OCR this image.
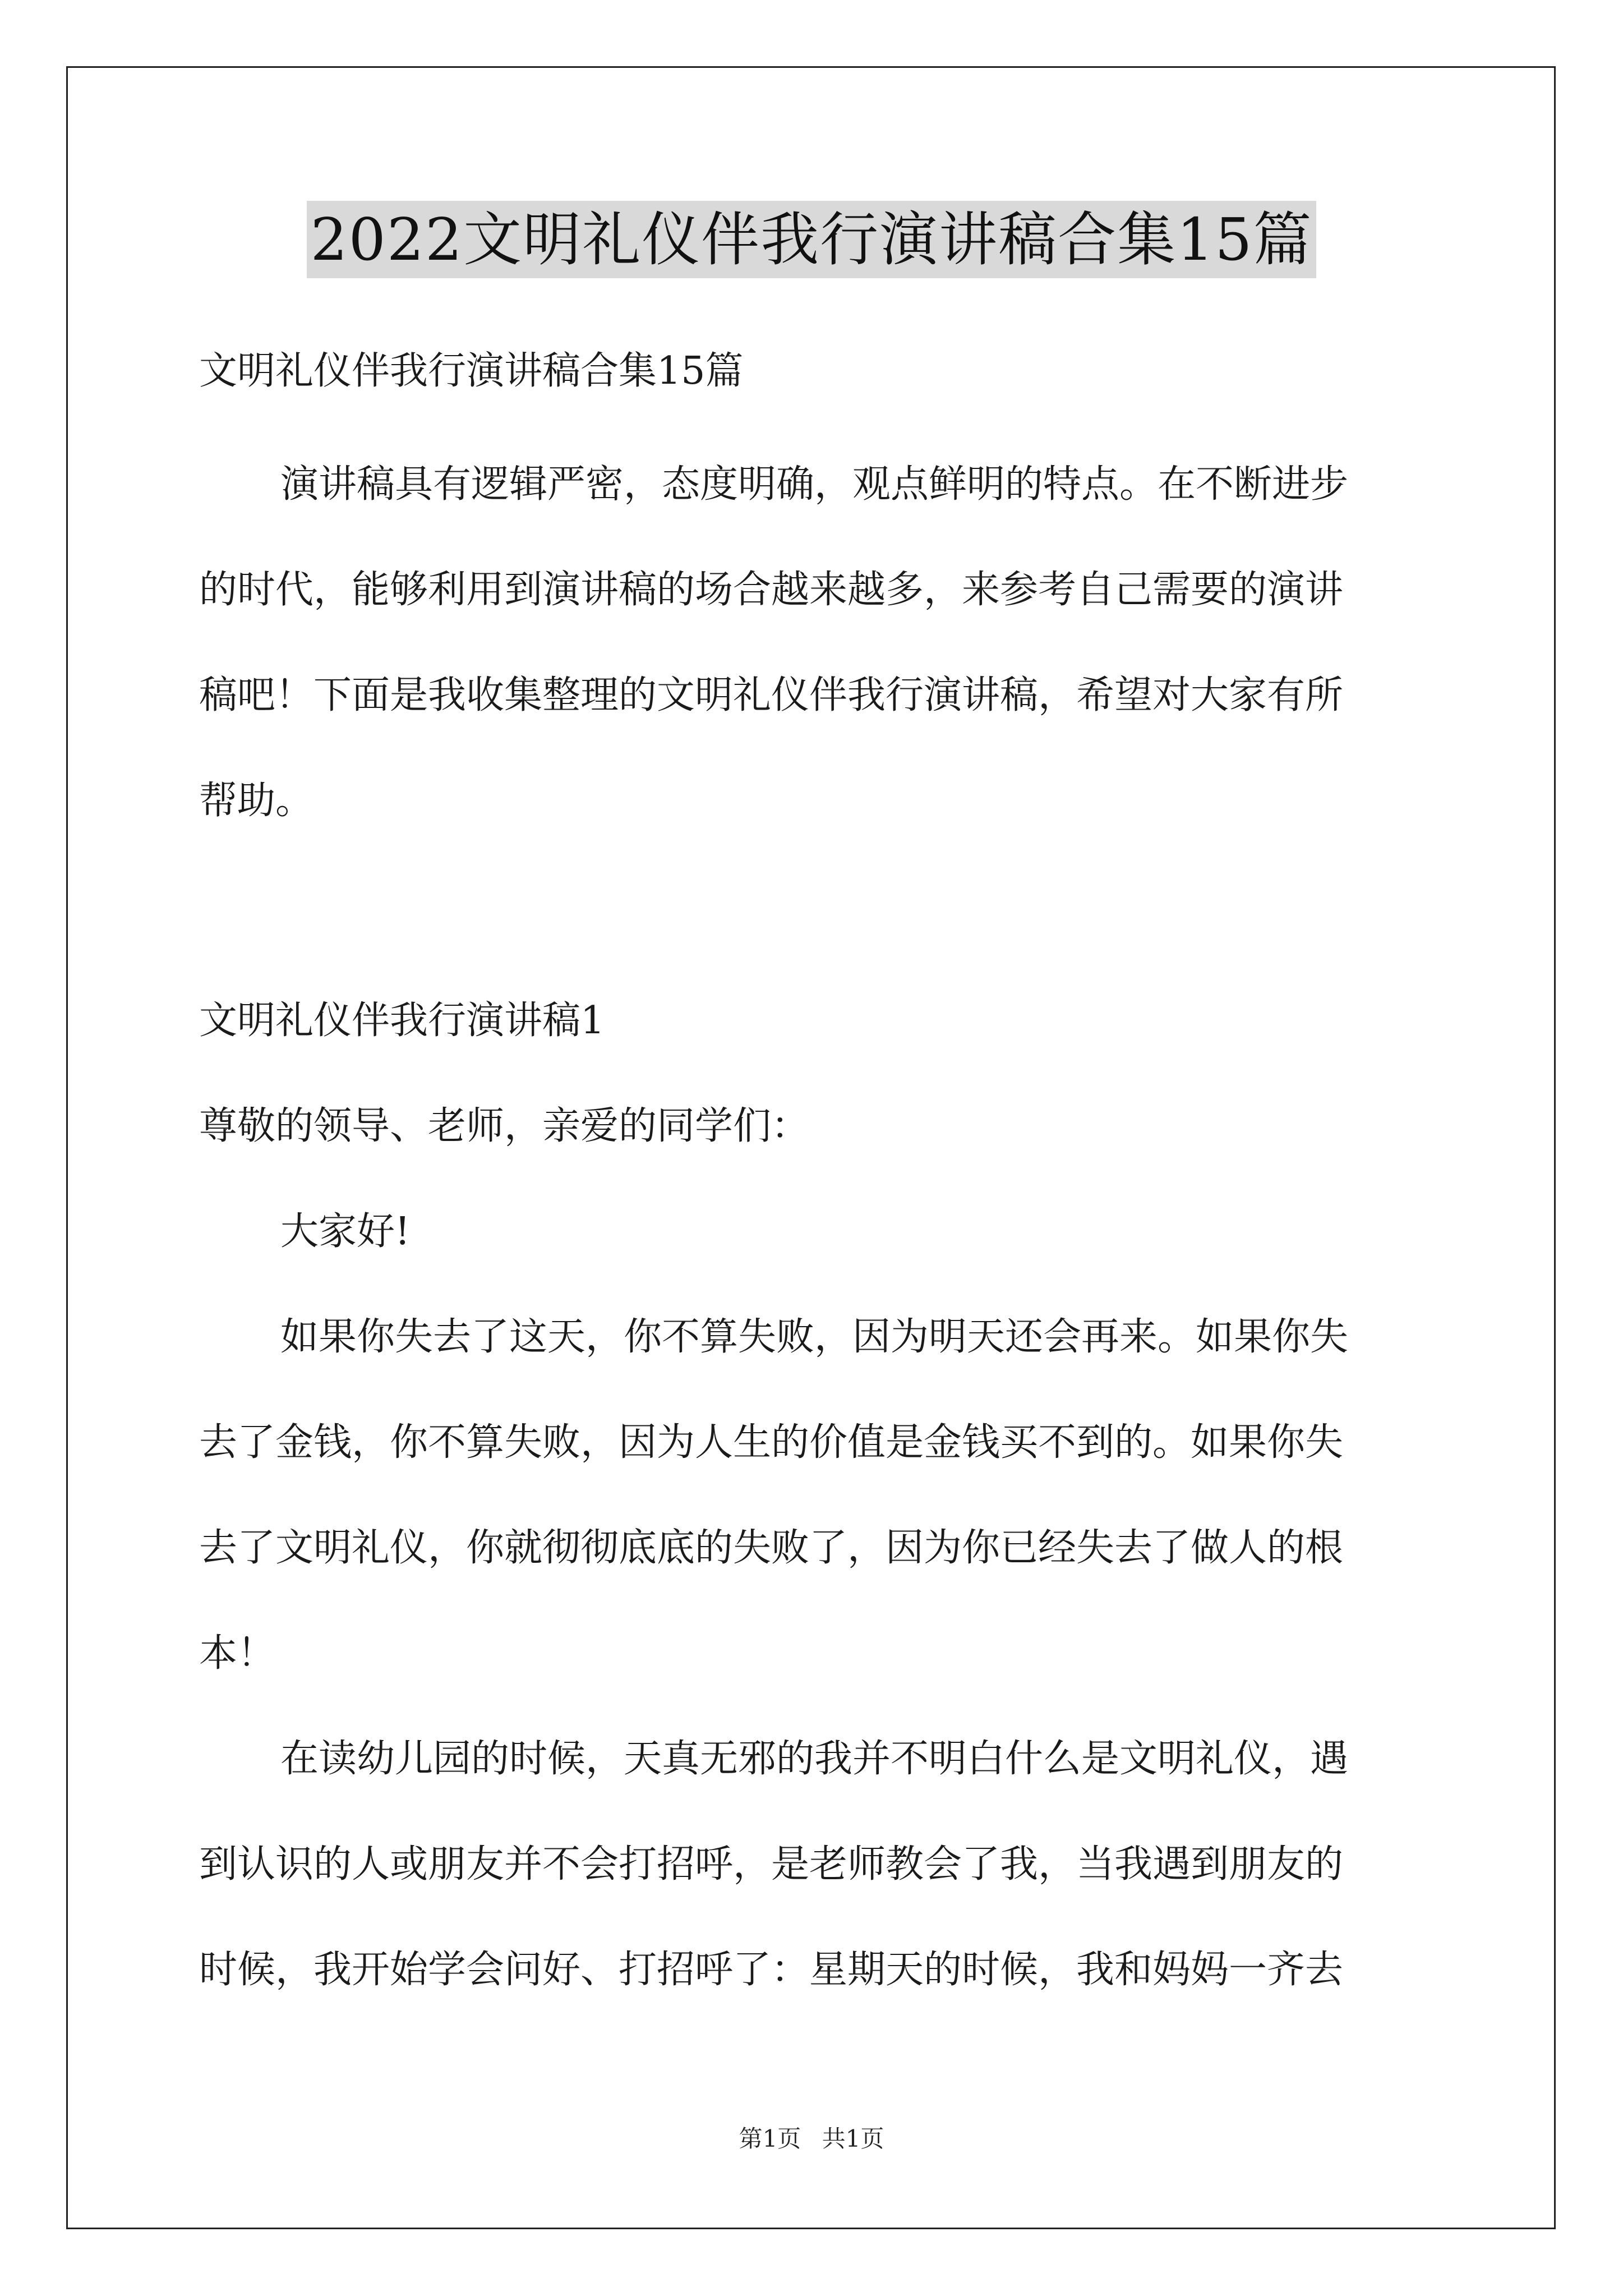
2022文明礼仪伴我行演讲稿合集15篇
文明礼仪伴我行演讲稿合集15篇
演讲稿具有逻辑严密，态度明确，观点鲜明的特点。在不断进步
的时代，能够利用到演讲稿的场合越来越多，来参考自己需要的演讲
稿吧！下面是我收集整理的文明礼仪伴我行演讲稿，希望对大家有所
帮助。
文明礼仪伴我行演讲稿1
尊敬的领导、老师，亲爱的同学们：
大家好!
如果你失去了这天，你不算失败，因为明天还会再来。如果你失
去了金钱，你不算失败，因为人生的价值是金钱买不到的。如果你失
去了文明礼仪，你就彻彻底底的失败了，因为你已经失去了做人的根
本！
在读幼儿园的时候，天真无邪的我并不明白什么是文明礼仪，遇
到认识的人或朋友并不会打招呼，是老师教会了我，当我遇到朋友的
时候，我开始学会问好、打招呼了：星期天的时候，我和妈妈一齐去
第1页 共1页
